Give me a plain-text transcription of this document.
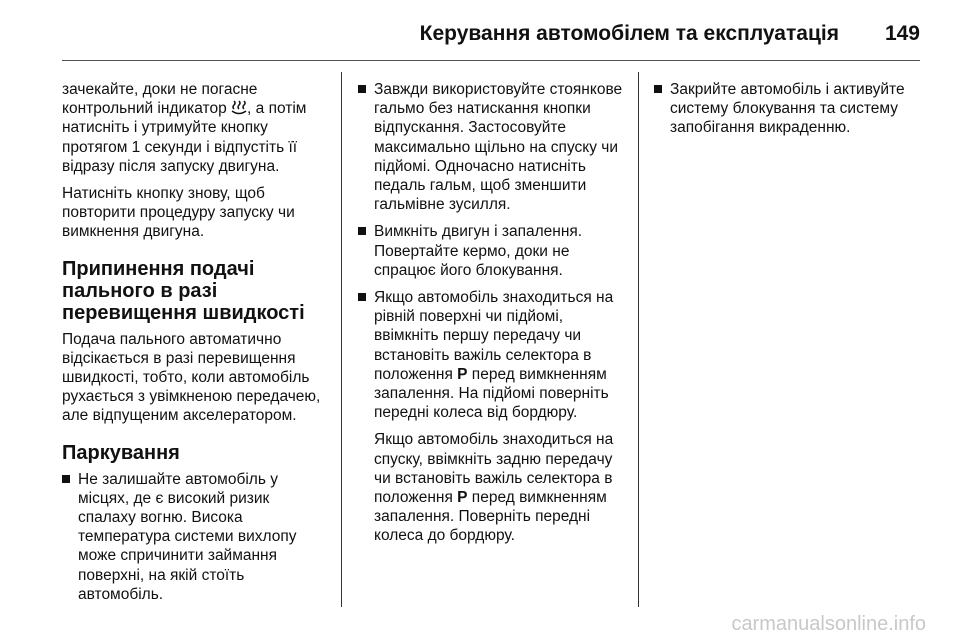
Керування автомобілем та експлуатація 149

зачекайте, доки не погасне контрольний індикатор , а потім натисніть і утримуйте кнопку протягом 1 секунди і відпустіть її відразу після запуску двигуна.

Натисніть кнопку знову, щоб повторити процедуру запуску чи вимкнення двигуна.

Припинення подачі пального в разі перевищення швидкості

Подача пального автоматично відсікається в разі перевищення швидкості, тобто, коли автомобіль рухається з увімкненою передачею, але відпущеним акселератором.

Паркування
Не залишайте автомобіль у місцях, де є високий ризик спалаху вогню. Висока температура системи вихлопу може спричинити займання поверхні, на якій стоїть автомобіль.
Завжди використовуйте стоянкове гальмо без натискання кнопки відпускання. Застосовуйте максимально щільно на спуску чи підйомі. Одночасно натисніть педаль гальм, щоб зменшити гальмівне зусилля.
Вимкніть двигун і запалення. Повертайте кермо, доки не спрацює його блокування.
Якщо автомобіль знаходиться на рівній поверхні чи підйомі, ввімкніть першу передачу чи встановіть важіль селектора в положення P перед вимкненням запалення. На підйомі поверніть передні колеса від бордюру.

Якщо автомобіль знаходиться на спуску, ввімкніть задню передачу чи встановіть важіль селектора в положення P перед вимкненням запалення. Поверніть передні колеса до бордюру.

Закрийте автомобіль і активуйте систему блокування та систему запобігання викраденню.
carmanualsonline.info
